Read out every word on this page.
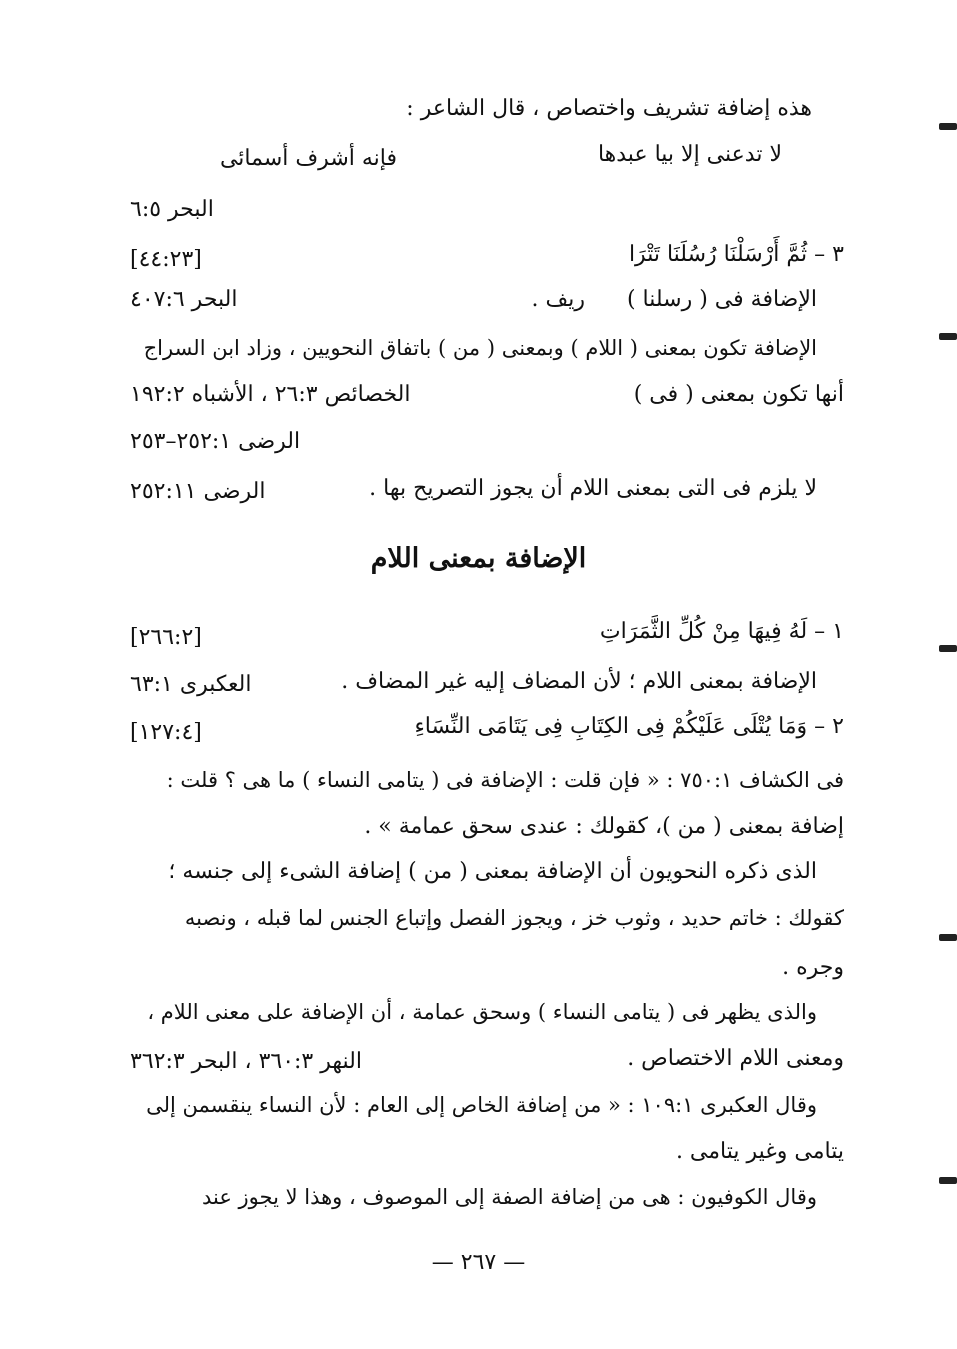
هذه إضافة تشريف واختصاص ، قال الشاعر :
لا تدعنى إلا بيا عبدها
فإنه أشرف أسمائى
البحر ٦:٥
٣ – ثُمَّ أَرْسَلْنَا رُسُلَنَا تَتْرَا
[٤٤:٢٣]
الإضافة فى ( رسلنا )
ريف .
البحر ٤٠٧:٦
الإضافة تكون بمعنى ( اللام ) وبمعنى ( من ) باتفاق النحويين ، وزاد ابن السراج
أنها تكون بمعنى ( فى )
الخصائص ٢٦:٣ ، الأشباه ١٩٢:٢
الرضى ٢٥٢:١–٢٥٣
لا يلزم فى التى بمعنى اللام أن يجوز التصريح بها .
الرضى ٢٥٢:١١
الإضافة بمعنى اللام
١ – لَهُ فِيهَا مِنْ كُلِّ الثَّمَرَاتِ
[٢٦٦:٢]
الإضافة بمعنى اللام ؛ لأن المضاف إليه غير المضاف .
العكبرى ٦٣:١
٢ – وَمَا يُتْلَى عَلَيْكُمْ فِى الكِتَابِ فِى يَتَامَى النِّسَاءِ
[١٢٧:٤]
فى الكشاف ٧٥٠:١ : « فإن قلت : الإضافة فى ( يتامى النساء ) ما هى ؟ قلت :
إضافة بمعنى ( من )، كقولك : عندى سحق عمامة » .
الذى ذكره النحويون أن الإضافة بمعنى ( من ) إضافة الشىء إلى جنسه ؛
كقولك : خاتم حديد ، وثوب خز ، ويجوز الفصل وإتباع الجنس لما قبله ، ونصبه
وجره .
والذى يظهر فى ( يتامى النساء ) وسحق عمامة ، أن الإضافة على معنى اللام ،
ومعنى اللام الاختصاص .
النهر ٣٦٠:٣ ، البحر ٣٦٢:٣
وقال العكبرى ١٠٩:١ : « من إضافة الخاص إلى العام : لأن النساء ينقسمن إلى
يتامى وغير يتامى .
وقال الكوفيون : هى من إضافة الصفة إلى الموصوف ، وهذا لا يجوز عند
— ٢٦٧ —
